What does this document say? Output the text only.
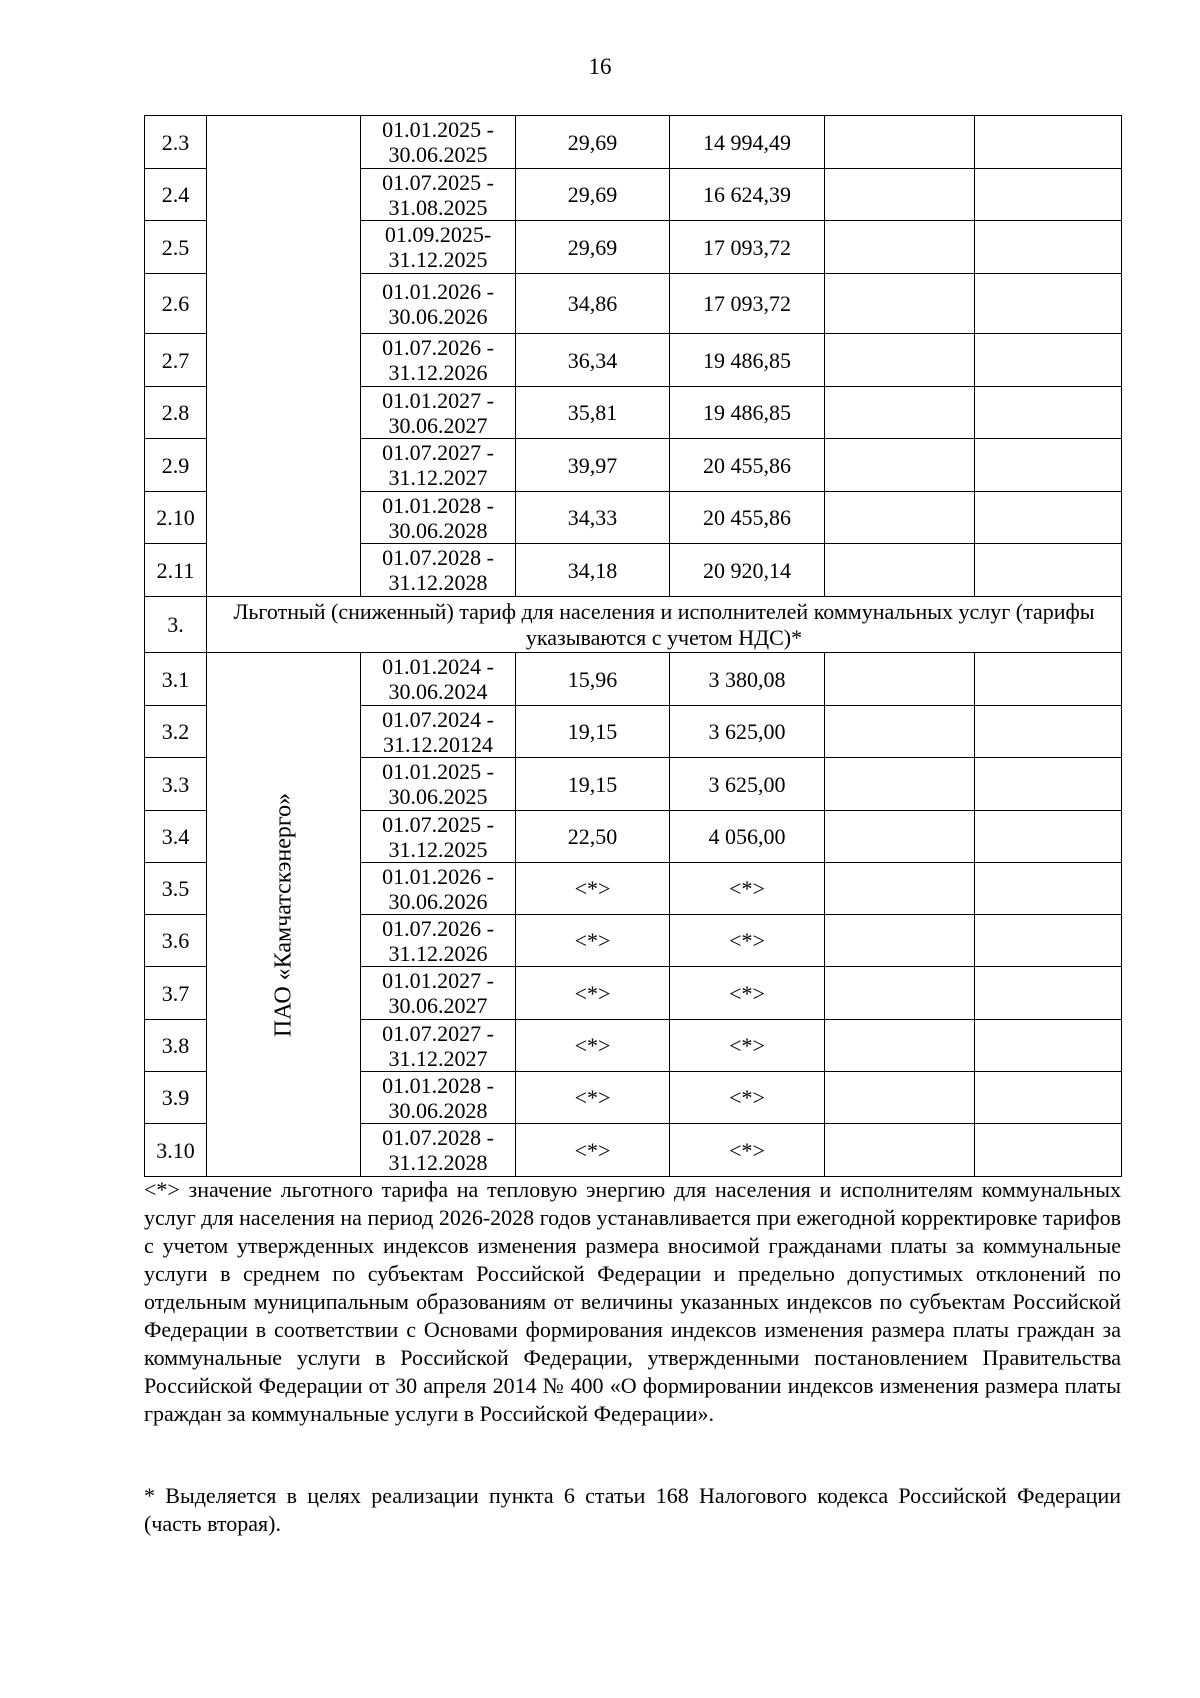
16
2.3		01.01.2025 -
30.06.2025	29,69	14 994,49		
2.4		01.07.2025 -
31.08.2025	29,69	16 624,39		
2.5		01.09.2025-
31.12.2025	29,69	17 093,72		
2.6		01.01.2026 -
30.06.2026	34,86	17 093,72		
2.7		01.07.2026 -
31.12.2026	36,34	19 486,85		
2.8		01.01.2027 -
30.06.2027	35,81	19 486,85		
2.9		01.07.2027 -
31.12.2027	39,97	20 455,86		
2.10		01.01.2028 -
30.06.2028	34,33	20 455,86		
2.11		01.07.2028 -
31.12.2028	34,18	20 920,14		
3.	Льготный (сниженный) тариф для населения и исполнителей коммунальных услуг (тарифы указываются с учетом НДС)*					
3.1	ПАО «Камчатскэнерго»	01.01.2024 -
30.06.2024	15,96	3 380,08		
3.2		01.07.2024 -
31.12.20124	19,15	3 625,00		
3.3		01.01.2025 -
30.06.2025	19,15	3 625,00		
3.4		01.07.2025 -
31.12.2025	22,50	4 056,00		
3.5		01.01.2026 -
30.06.2026	<*>	<*>		
3.6		01.07.2026 -
31.12.2026	<*>	<*>		
3.7		01.01.2027 -
30.06.2027	<*>	<*>		
3.8		01.07.2027 -
31.12.2027	<*>	<*>		
3.9		01.01.2028 -
30.06.2028	<*>	<*>		
3.10		01.07.2028 -
31.12.2028	<*>	<*>		
<*> значение льготного тарифа на тепловую энергию для населения и исполнителям коммунальных услуг для населения на период 2026-2028 годов устанавливается при ежегодной корректировке тарифов с учетом утвержденных индексов изменения размера вносимой гражданами платы за коммунальные услуги в среднем по субъектам Российской Федерации и предельно допустимых отклонений по отдельным муниципальным образованиям от величины указанных индексов по субъектам Российской Федерации в соответствии с Основами формирования индексов изменения размера платы граждан за коммунальные услуги в Российской Федерации, утвержденными постановлением Правительства Российской Федерации от 30 апреля 2014 № 400 «О формировании индексов изменения размера платы граждан за коммунальные услуги в Российской Федерации».
* Выделяется в целях реализации пункта 6 статьи 168 Налогового кодекса Российской Федерации (часть вторая).
